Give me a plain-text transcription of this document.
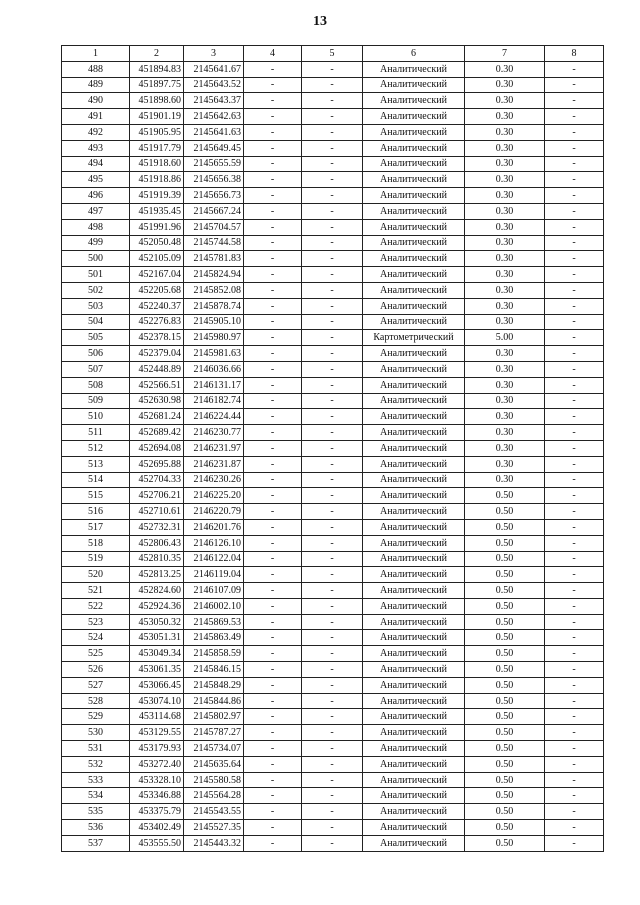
13
1	2	3	4	5	6	7	8
488	451894.83	2145641.67	-	-	Аналитический	0.30	-
489	451897.75	2145643.52	-	-	Аналитический	0.30	-
490	451898.60	2145643.37	-	-	Аналитический	0.30	-
491	451901.19	2145642.63	-	-	Аналитический	0.30	-
492	451905.95	2145641.63	-	-	Аналитический	0.30	-
493	451917.79	2145649.45	-	-	Аналитический	0.30	-
494	451918.60	2145655.59	-	-	Аналитический	0.30	-
495	451918.86	2145656.38	-	-	Аналитический	0.30	-
496	451919.39	2145656.73	-	-	Аналитический	0.30	-
497	451935.45	2145667.24	-	-	Аналитический	0.30	-
498	451991.96	2145704.57	-	-	Аналитический	0.30	-
499	452050.48	2145744.58	-	-	Аналитический	0.30	-
500	452105.09	2145781.83	-	-	Аналитический	0.30	-
501	452167.04	2145824.94	-	-	Аналитический	0.30	-
502	452205.68	2145852.08	-	-	Аналитический	0.30	-
503	452240.37	2145878.74	-	-	Аналитический	0.30	-
504	452276.83	2145905.10	-	-	Аналитический	0.30	-
505	452378.15	2145980.97	-	-	Картометрический	5.00	-
506	452379.04	2145981.63	-	-	Аналитический	0.30	-
507	452448.89	2146036.66	-	-	Аналитический	0.30	-
508	452566.51	2146131.17	-	-	Аналитический	0.30	-
509	452630.98	2146182.74	-	-	Аналитический	0.30	-
510	452681.24	2146224.44	-	-	Аналитический	0.30	-
511	452689.42	2146230.77	-	-	Аналитический	0.30	-
512	452694.08	2146231.97	-	-	Аналитический	0.30	-
513	452695.88	2146231.87	-	-	Аналитический	0.30	-
514	452704.33	2146230.26	-	-	Аналитический	0.30	-
515	452706.21	2146225.20	-	-	Аналитический	0.50	-
516	452710.61	2146220.79	-	-	Аналитический	0.50	-
517	452732.31	2146201.76	-	-	Аналитический	0.50	-
518	452806.43	2146126.10	-	-	Аналитический	0.50	-
519	452810.35	2146122.04	-	-	Аналитический	0.50	-
520	452813.25	2146119.04	-	-	Аналитический	0.50	-
521	452824.60	2146107.09	-	-	Аналитический	0.50	-
522	452924.36	2146002.10	-	-	Аналитический	0.50	-
523	453050.32	2145869.53	-	-	Аналитический	0.50	-
524	453051.31	2145863.49	-	-	Аналитический	0.50	-
525	453049.34	2145858.59	-	-	Аналитический	0.50	-
526	453061.35	2145846.15	-	-	Аналитический	0.50	-
527	453066.45	2145848.29	-	-	Аналитический	0.50	-
528	453074.10	2145844.86	-	-	Аналитический	0.50	-
529	453114.68	2145802.97	-	-	Аналитический	0.50	-
530	453129.55	2145787.27	-	-	Аналитический	0.50	-
531	453179.93	2145734.07	-	-	Аналитический	0.50	-
532	453272.40	2145635.64	-	-	Аналитический	0.50	-
533	453328.10	2145580.58	-	-	Аналитический	0.50	-
534	453346.88	2145564.28	-	-	Аналитический	0.50	-
535	453375.79	2145543.55	-	-	Аналитический	0.50	-
536	453402.49	2145527.35	-	-	Аналитический	0.50	-
537	453555.50	2145443.32	-	-	Аналитический	0.50	-
